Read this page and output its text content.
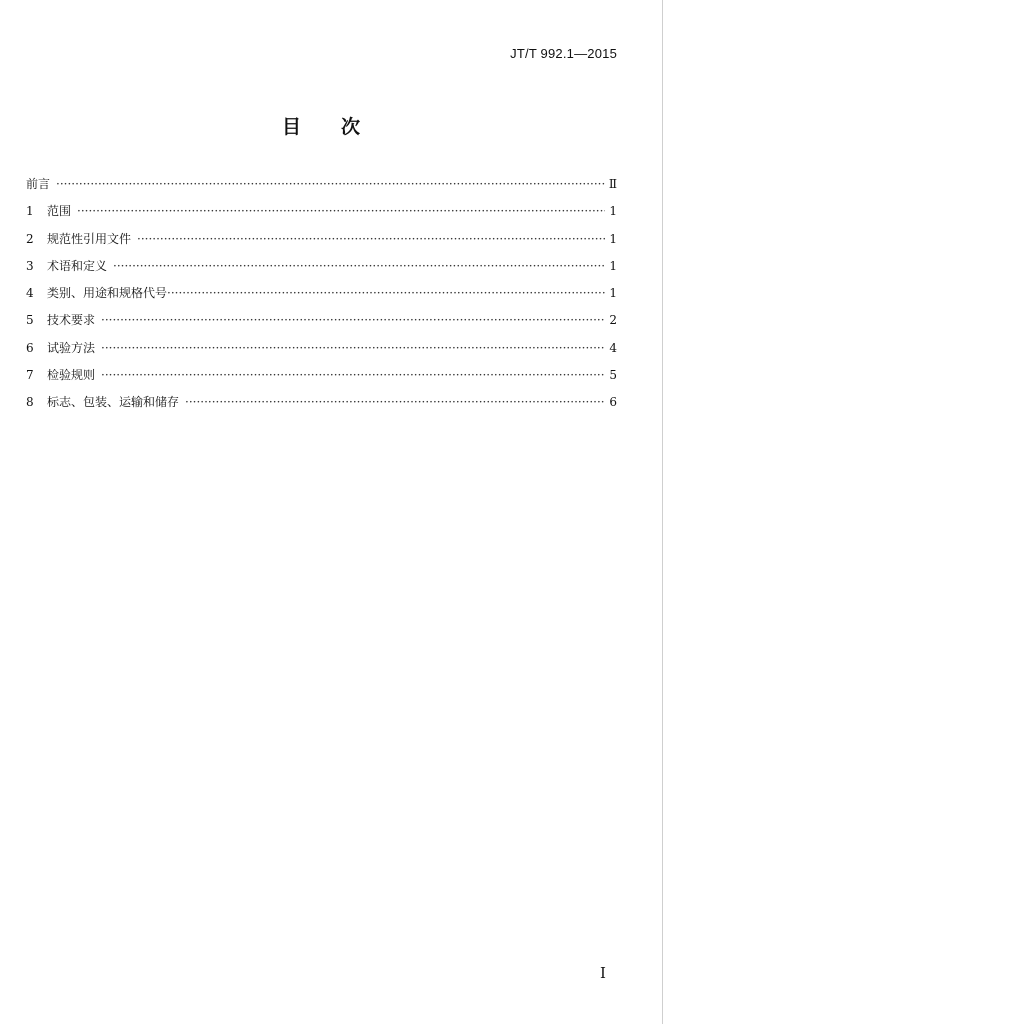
JT/T 992.1—2015
目次
前言 ·····	Ⅱ
1	范围 ·····	1
2	规范性引用文件 ·····	1
3	术语和定义 ·····	1
4	类别、用途和规格代号 ·····	1
5	技术要求 ·····	2
6	试验方法 ·····	4
7	检验规则 ·····	5
8	标志、包装、运输和储存 ·····	6
I
